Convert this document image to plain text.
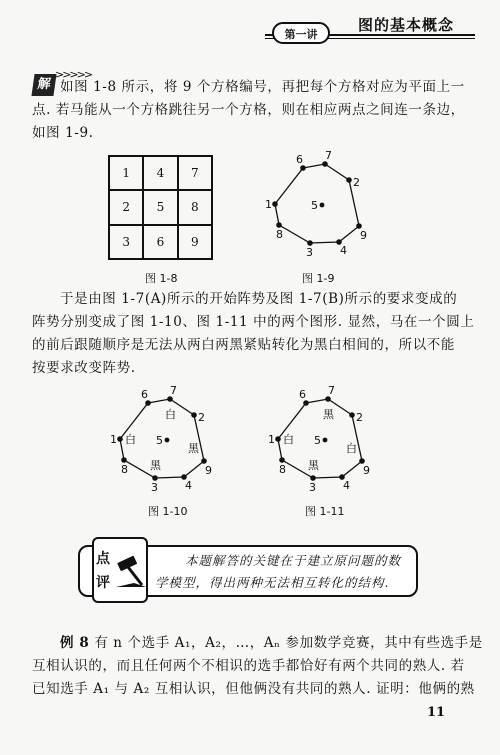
第一讲
图的基本概念
解
>>>>>
如图 1-8 所示，将 9 个方格编号，再把每个方格对应为平面上一
点. 若马能从一个方格跳往另一个方格，则在相应两点之间连一条边，
如图 1-9.
1	4	7
2	5	8
3	6	9
图 1-8
6 7
2
9
4
3
8
1	5
图 1-9
于是由图 1-7(A)所示的开始阵势及图 1-7(B)所示的要求变成的
阵势分别变成了图 1-10、图 1-11 中的两个图形. 显然，马在一个圆上
的前后跟随顺序是无法从两白两黑紧贴转化为黑白相间的，所以不能
按要求改变阵势.
6 7
2
9
4
3
8
1	5
白
白
黑
黑
图 1-10
6 7
2
9
4
3
8
1	5
黑
白
白
黑
图 1-11
点
评
本题解答的关键在于建立原问题的数
学模型，得出两种无法相互转化的结构.
例 8 有 n 个选手 A₁，A₂，…，Aₙ 参加数学竞赛，其中有些选手是
互相认识的，而且任何两个不相识的选手都恰好有两个共同的熟人. 若
已知选手 A₁ 与 A₂ 互相认识，但他俩没有共同的熟人. 证明：他俩的熟
11
